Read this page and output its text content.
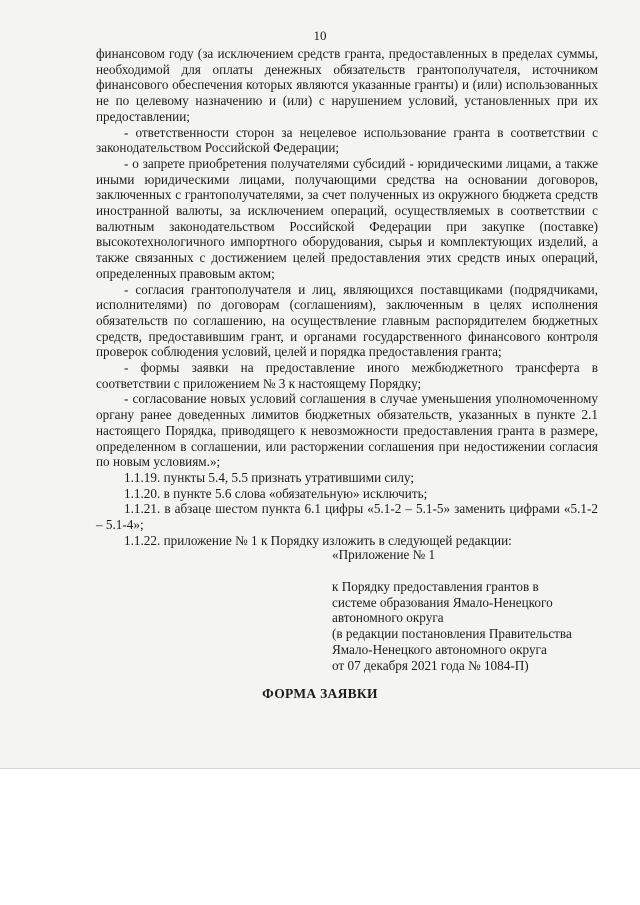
10

финансовом году (за исключением средств гранта, предоставленных в пределах суммы, необходимой для оплаты денежных обязательств грантополучателя, источником финансового обеспечения которых являются указанные гранты) и (или) использованных не по целевому назначению и (или) с нарушением условий, установленных при их предоставлении;

- ответственности сторон за нецелевое использование гранта в соответствии с законодательством Российской Федерации;

- о запрете приобретения получателями субсидий - юридическими лицами, а также иными юридическими лицами, получающими средства на основании договоров, заключенных с грантополучателями, за счет полученных из окружного бюджета средств иностранной валюты, за исключением операций, осуществляемых в соответствии с валютным законодательством Российской Федерации при закупке (поставке) высокотехнологичного импортного оборудования, сырья и комплектующих изделий, а также связанных с достижением целей предоставления этих средств иных операций, определенных правовым актом;

- согласия грантополучателя и лиц, являющихся поставщиками (подрядчиками, исполнителями) по договорам (соглашениям), заключенным в целях исполнения обязательств по соглашению, на осуществление главным распорядителем бюджетных средств, предоставившим грант, и органами государственного финансового контроля проверок соблюдения условий, целей и порядка предоставления гранта;

- формы заявки на предоставление иного межбюджетного трансферта в соответствии с приложением № 3 к настоящему Порядку;

- согласование новых условий соглашения в случае уменьшения уполномоченному органу ранее доведенных лимитов бюджетных обязательств, указанных в пункте 2.1 настоящего Порядка, приводящего к невозможности предоставления гранта в размере, определенном в соглашении, или расторжении соглашения при недостижении согласия по новым условиям.»;

1.1.19. пункты 5.4, 5.5 признать утратившими силу;

1.1.20. в пункте 5.6 слова «обязательную» исключить;

1.1.21. в абзаце шестом пункта 6.1 цифры «5.1-2 – 5.1-5» заменить цифрами «5.1-2 – 5.1-4»;

1.1.22. приложение № 1 к Порядку изложить в следующей редакции:

«Приложение № 1
к Порядку предоставления грантов в
системе образования Ямало-Ненецкого
автономного округа
(в редакции постановления Правительства
Ямало-Ненецкого автономного округа
от 07 декабря 2021 года № 1084-П)
ФОРМА ЗАЯВКИ
